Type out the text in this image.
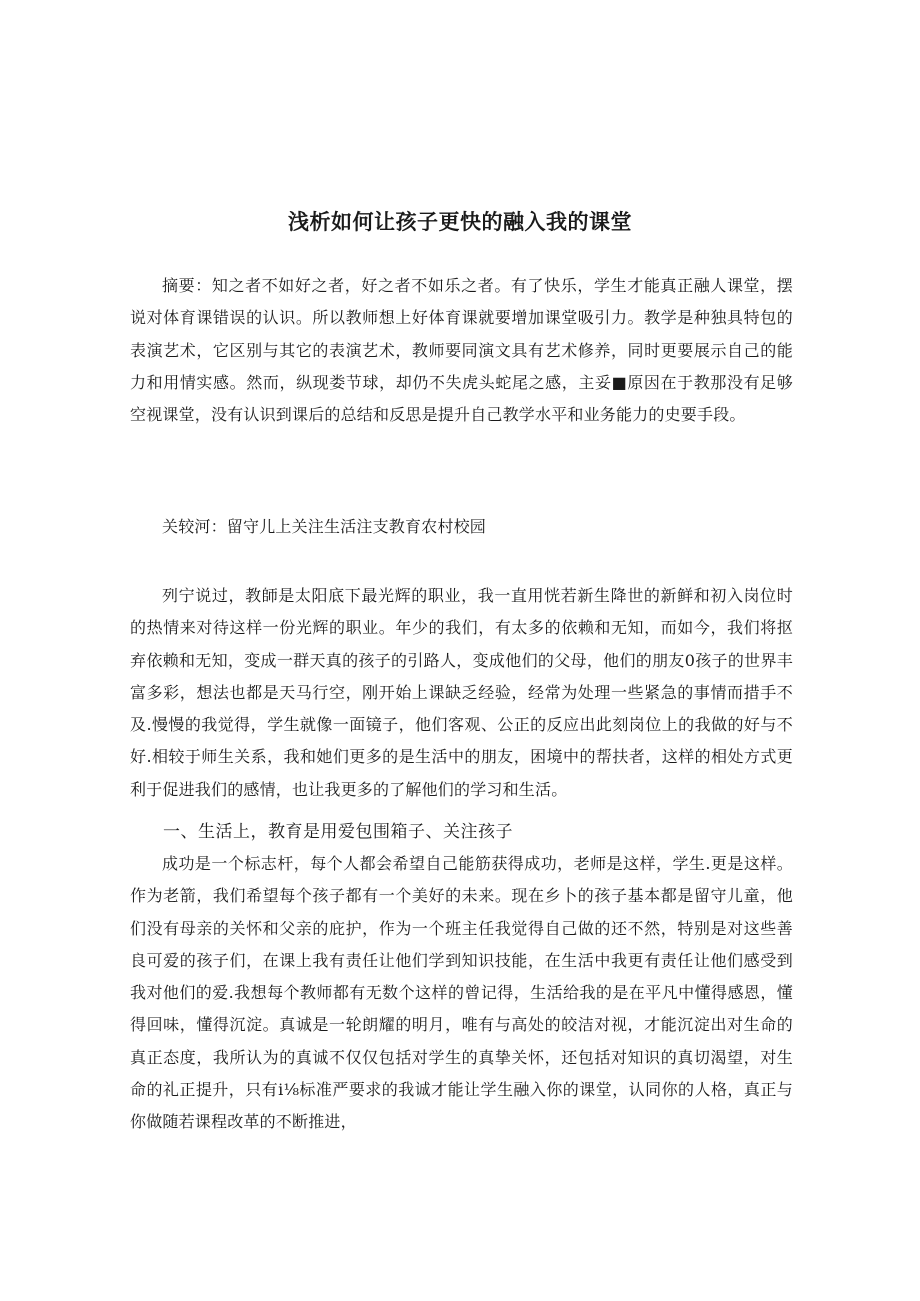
浅析如何让孩子更快的融入我的课堂

摘要：知之者不如好之者，好之者不如乐之者。有了快乐，学生才能真正融人课堂，摆说对体育课错误的认识。所以教师想上好体育课就要增加课堂吸引力。教学是种独具特包的表演艺术，它区别与其它的表演艺术，教师要同演文具有艺术修养，同时更要展示自己的能力和用情实感。然而，纵现娄节球，却仍不失虎头蛇尾之感，主妥■原因在于教那没有足够空视课堂，没有认识到课后的总结和反思是提升自己教学水平和业务能力的史要手段。

关较河：留守儿上关注生活注支教育农村校园

列宁说过，教師是太阳底下最光辉的职业，我一直用恍若新生降世的新鲜和初入岗位时的热情来对待这样一份光辉的职业。年少的我们，有太多的依赖和无知，而如今，我们将抠弃依赖和无知，变成一群天真的孩子的引路人，变成他们的父母，他们的朋友0孩子的世界丰富多彩，想法也都是天马行空，刚开始上课缺乏经验，经常为处理一些紧急的事情而措手不及.慢慢的我觉得，学生就像一面镜子，他们客观、公正的反应出此刻岗位上的我做的好与不好.相较于师生关系，我和她们更多的是生活中的朋友，困境中的帮扶者，这样的相处方式更利于促进我们的感情，也让我更多的了解他们的学习和生活。

一、生活上，教育是用爱包围箱子、关注孩子

成功是一个标志杆，每个人都会希望自己能筋获得成功，老师是这样，学生.更是这样。作为老箭，我们希望每个孩子都有一个美好的未来。现在乡卜的孩子基本都是留守儿童，他们没有母亲的关怀和父亲的庇护，作为一个班主任我觉得自己做的还不然，特别是对这些善良可爱的孩子们，在课上我有责任让他们学到知识技能，在生活中我更有责任让他们感受到我对他们的爱.我想每个教师都有无数个这样的曾记得，生活给我的是在平凡中懂得感恩，懂得回味，懂得沉淀。真诚是一轮朗耀的明月，唯有与高处的皎洁对视，才能沉淀出对生命的真正态度，我所认为的真诚不仅仅包括对学生的真挚关怀，还包括对知识的真切渴望，对生命的礼正提升，只有i⅛标准严要求的我诚才能让学生融入你的课堂，认同你的人格，真正与你做随若课程改革的不断推进，
